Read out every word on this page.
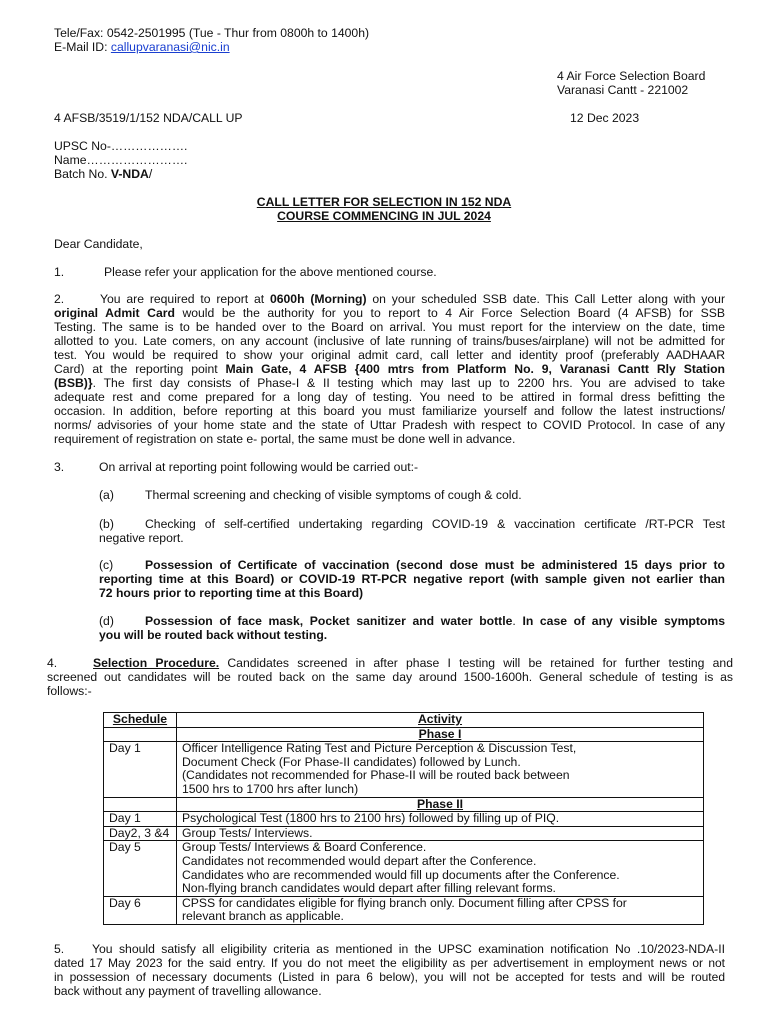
Tele/Fax: 0542-2501995 (Tue - Thur from 0800h to 1400h)
E-Mail ID: callupvaranasi@nic.in
4 Air Force Selection Board
Varanasi Cantt - 221002
4 AFSB/3519/1/152 NDA/CALL UP	12 Dec 2023
UPSC No-……………….
Name…………………….
Batch No. V-NDA/
CALL LETTER FOR SELECTION IN 152 NDA
COURSE COMMENCING IN JUL 2024
Dear Candidate,
1.	Please refer your application for the above mentioned course.
2.	You are required to report at 0600h (Morning) on your scheduled SSB date. This Call Letter along with your
original Admit Card would be the authority for you to report to 4 Air Force Selection Board (4 AFSB) for SSB
Testing. The same is to be handed over to the Board on arrival. You must report for the interview on the date, time
allotted to you. Late comers, on any account (inclusive of late running of trains/buses/airplane) will not be admitted for
test. You would be required to show your original admit card, call letter and identity proof (preferably AADHAAR
Card) at the reporting point Main Gate, 4 AFSB {400 mtrs from Platform No. 9, Varanasi Cantt Rly Station
(BSB)}. The first day consists of Phase-I & II testing which may last up to 2200 hrs. You are advised to take
adequate rest and come prepared for a long day of testing. You need to be attired in formal dress befitting the
occasion. In addition, before reporting at this board you must familiarize yourself and follow the latest instructions/
norms/ advisories of your home state and the state of Uttar Pradesh with respect to COVID Protocol. In case of any
requirement of registration on state e- portal, the same must be done well in advance.
3.	On arrival at reporting point following would be carried out:-
(a)	Thermal screening and checking of visible symptoms of cough & cold.
(b)	Checking of self-certified undertaking regarding COVID-19 & vaccination certificate /RT-PCR Test
negative report.
(c)	Possession of Certificate of vaccination (second dose must be administered 15 days prior to
reporting time at this Board) or COVID-19 RT-PCR negative report (with sample given not earlier than
72 hours prior to reporting time at this Board)
(d)	Possession of face mask, Pocket sanitizer and water bottle. In case of any visible symptoms
you will be routed back without testing.
4.	Selection Procedure. Candidates screened in after phase I testing will be retained for further testing and
screened out candidates will be routed back on the same day around 1500-1600h. General schedule of testing is as
follows:-
Schedule	Activity
	Phase I
Day 1	Officer Intelligence Rating Test and Picture Perception & Discussion Test,
Document Check (For Phase-II candidates) followed by Lunch.
(Candidates not recommended for Phase-II will be routed back between
1500 hrs to 1700 hrs after lunch)

	Phase II
Day 1	Psychological Test (1800 hrs to 2100 hrs) followed by filling up of PIQ.

Day2, 3 &4	Group Tests/ Interviews.

Day 5	Group Tests/ Interviews & Board Conference.
Candidates not recommended would depart after the Conference.
Candidates who are recommended would fill up documents after the Conference.
Non-flying branch candidates would depart after filling relevant forms.

Day 6	CPSS for candidates eligible for flying branch only. Document filling after CPSS for
relevant branch as applicable.
5. You should satisfy all eligibility criteria as mentioned in the UPSC examination notification No .10/2023-NDA-II
dated 17 May 2023 for the said entry. If you do not meet the eligibility as per advertisement in employment news or not
in possession of necessary documents (Listed in para 6 below), you will not be accepted for tests and will be routed
back without any payment of travelling allowance.
